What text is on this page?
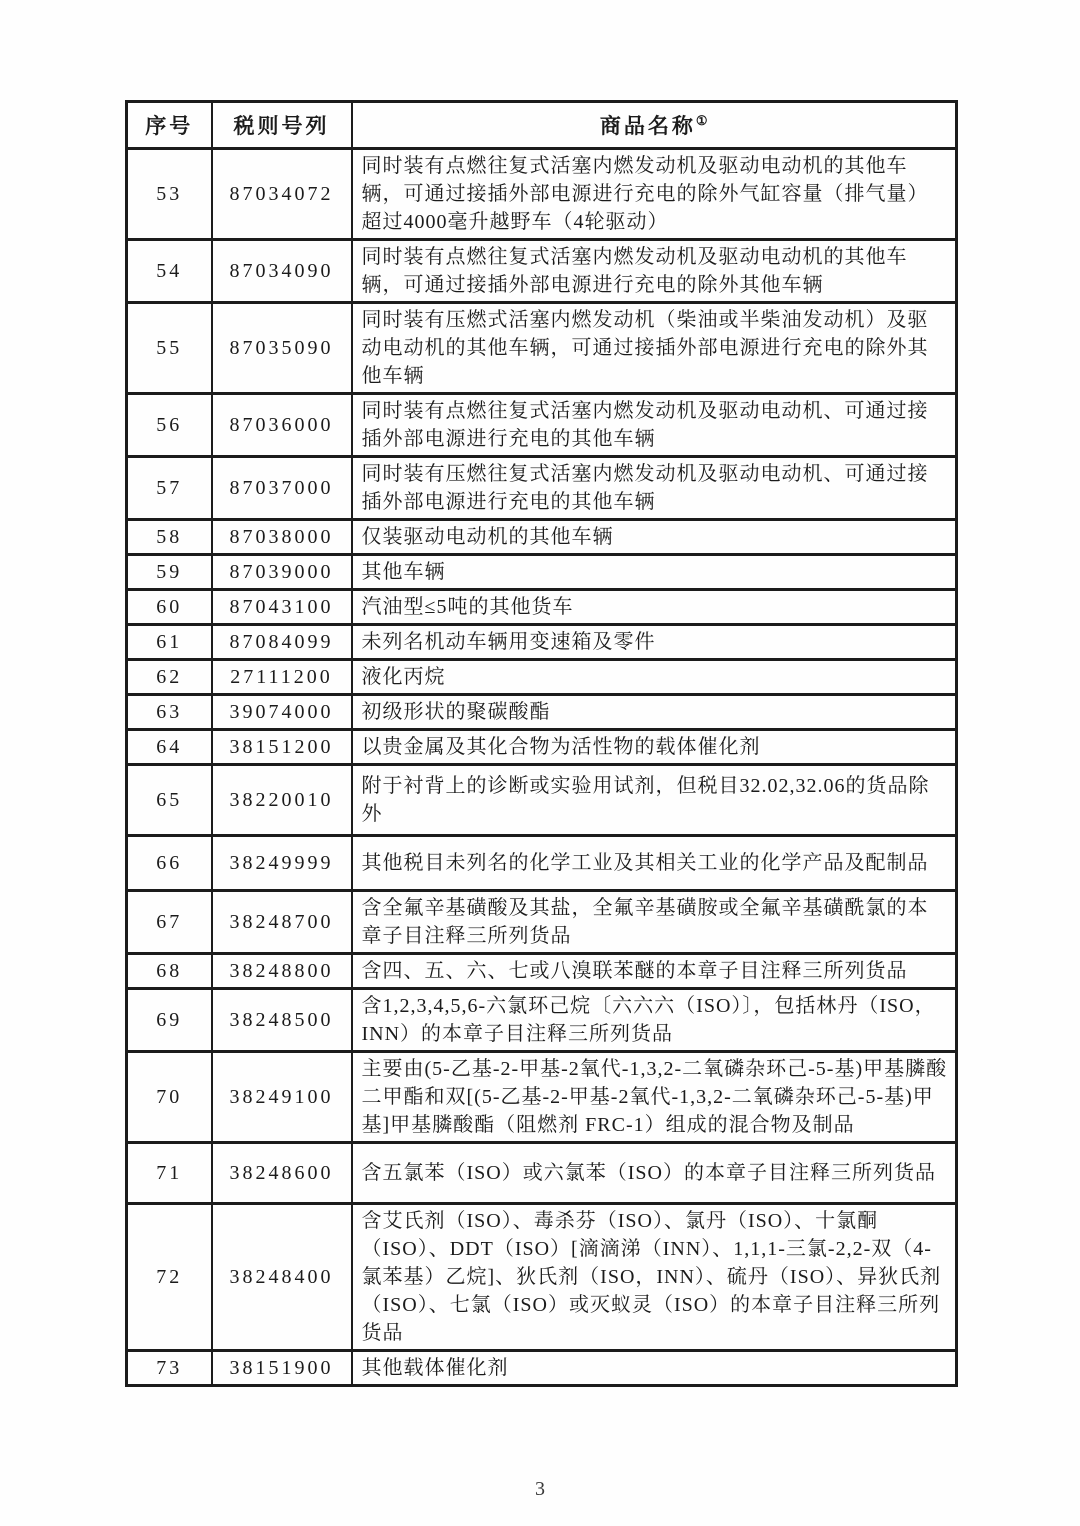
序号	税则号列	商品名称①
53	87034072	同时装有点燃往复式活塞内燃发动机及驱动电动机的其他车辆，可通过接插外部电源进行充电的除外气缸容量（排气量）超过4000毫升越野车（4轮驱动）
54	87034090	同时装有点燃往复式活塞内燃发动机及驱动电动机的其他车辆，可通过接插外部电源进行充电的除外其他车辆
55	87035090	同时装有压燃式活塞内燃发动机（柴油或半柴油发动机）及驱动电动机的其他车辆，可通过接插外部电源进行充电的除外其他车辆
56	87036000	同时装有点燃往复式活塞内燃发动机及驱动电动机、可通过接插外部电源进行充电的其他车辆
57	87037000	同时装有压燃往复式活塞内燃发动机及驱动电动机、可通过接插外部电源进行充电的其他车辆
58	87038000	仅装驱动电动机的其他车辆
59	87039000	其他车辆
60	87043100	汽油型≤5吨的其他货车
61	87084099	未列名机动车辆用变速箱及零件
62	27111200	液化丙烷
63	39074000	初级形状的聚碳酸酯
64	38151200	以贵金属及其化合物为活性物的载体催化剂
65	38220010	附于衬背上的诊断或实验用试剂，但税目32.02,32.06的货品除外
66	38249999	其他税目未列名的化学工业及其相关工业的化学产品及配制品
67	38248700	含全氟辛基磺酸及其盐，全氟辛基磺胺或全氟辛基磺酰氯的本章子目注释三所列货品
68	38248800	含四、五、六、七或八溴联苯醚的本章子目注释三所列货品
69	38248500	含1,2,3,4,5,6-六氯环己烷〔六六六（ISO）〕，包括林丹（ISO，INN）的本章子目注释三所列货品
70	38249100	主要由(5-乙基-2-甲基-2氧代-1,3,2-二氧磷杂环己-5-基)甲基膦酸二甲酯和双[(5-乙基-2-甲基-2氧代-1,3,2-二氧磷杂环己-5-基)甲基]甲基膦酸酯（阻燃剂 FRC-1）组成的混合物及制品
71	38248600	含五氯苯（ISO）或六氯苯（ISO）的本章子目注释三所列货品
72	38248400	含艾氏剂（ISO）、毒杀芬（ISO）、氯丹（ISO）、十氯酮（ISO）、DDT（ISO）[滴滴涕（INN）、1,1,1-三氯-2,2-双（4-氯苯基）乙烷]、狄氏剂（ISO，INN）、硫丹（ISO）、异狄氏剂（ISO）、七氯（ISO）或灭蚁灵（ISO）的本章子目注释三所列货品
73	38151900	其他载体催化剂
3
